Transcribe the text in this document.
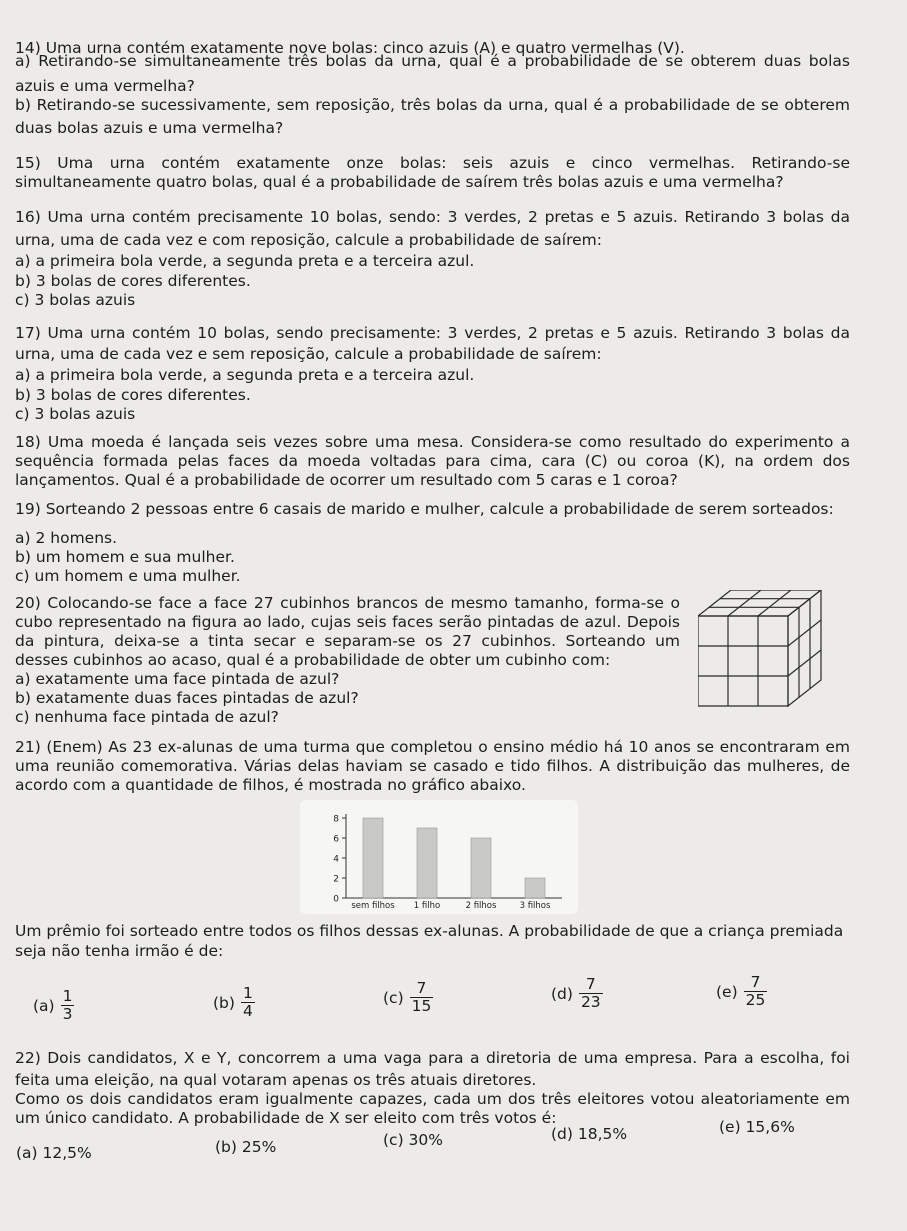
14) Uma urna contém exatamente nove bolas: cinco azuis (A) e quatro vermelhas (V).
a) Retirando-se simultaneamente três bolas da urna, qual é a probabilidade de se obterem duas bolas
azuis e uma vermelha?
b) Retirando-se sucessivamente, sem reposição, três bolas da urna, qual é a probabilidade de se obterem
duas bolas azuis e uma vermelha?
15) Uma urna contém exatamente onze bolas: seis azuis e cinco vermelhas. Retirando-se
simultaneamente quatro bolas, qual é a probabilidade de saírem três bolas azuis e uma vermelha?
16) Uma urna contém precisamente 10 bolas, sendo: 3 verdes, 2 pretas e 5 azuis. Retirando 3 bolas da
urna, uma de cada vez e com reposição, calcule a probabilidade de saírem:
a) a primeira bola verde, a segunda preta e a terceira azul.
b) 3 bolas de cores diferentes.
c) 3 bolas azuis
17) Uma urna contém 10 bolas, sendo precisamente: 3 verdes, 2 pretas e 5 azuis. Retirando 3 bolas da
urna, uma de cada vez e sem reposição, calcule a probabilidade de saírem:
a) a primeira bola verde, a segunda preta e a terceira azul.
b) 3 bolas de cores diferentes.
c) 3 bolas azuis
18) Uma moeda é lançada seis vezes sobre uma mesa. Considera-se como resultado do experimento a
sequência formada pelas faces da moeda voltadas para cima, cara (C) ou coroa (K), na ordem dos
lançamentos. Qual é a probabilidade de ocorrer um resultado com 5 caras e 1 coroa?
19) Sorteando 2 pessoas entre 6 casais de marido e mulher, calcule a probabilidade de serem sorteados:
a) 2 homens.
b) um homem e sua mulher.
c) um homem e uma mulher.
20) Colocando-se face a face 27 cubinhos brancos de mesmo tamanho, forma-se o
cubo representado na figura ao lado, cujas seis faces serão pintadas de azul. Depois
da pintura, deixa-se a tinta secar e separam-se os 27 cubinhos. Sorteando um
desses cubinhos ao acaso, qual é a probabilidade de obter um cubinho com:
a) exatamente uma face pintada de azul?
b) exatamente duas faces pintadas de azul?
c) nenhuma face pintada de azul?
21) (Enem) As 23 ex-alunas de uma turma que completou o ensino médio há 10 anos se encontraram em
uma reunião comemorativa. Várias delas haviam se casado e tido filhos. A distribuição das mulheres, de
acordo com a quantidade de filhos, é mostrada no gráfico abaixo.
0
2
4
6
8
sem filhos 1 filho	2 filhos	3 filhos
Um prêmio foi sorteado entre todos os filhos dessas ex-alunas. A probabilidade de que a criança premiada
seja não tenha irmão é de:
$(a) \frac{1}{3}$	$(b) \frac{1}{4}$	$(c) \frac{7}{15}$	$(d) \frac{7}{23}$	$(e) \frac{7}{25}$
22) Dois candidatos, X e Y, concorrem a uma vaga para a diretoria de uma empresa. Para a escolha, foi
feita uma eleição, na qual votaram apenas os três atuais diretores.
Como os dois candidatos eram igualmente capazes, cada um dos três eleitores votou aleatoriamente em
um único candidato. A probabilidade de X ser eleito com três votos é:
(a) 12,5%	(b) 25%	(c) 30%	(d) 18,5%	(e) 15,6%
